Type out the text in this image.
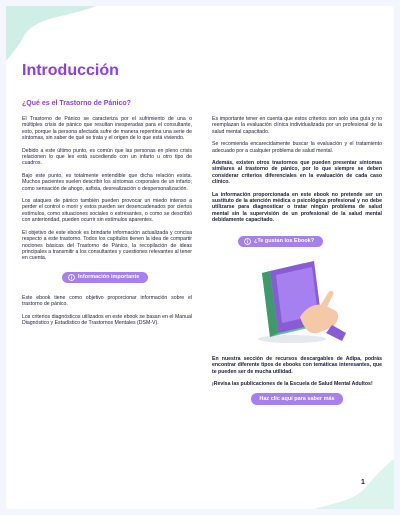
Introducción
¿Qué es el Trastorno de Pánico?

El Trastorno de Pánico se caracteriza por el sufrimiento de una o múltiples crisis de pánico que resultan inesperadas para el consultante, esto, porque la persona afectada sufre de manera repentina una serie de síntomas, sin saber de qué se trata y el origen de lo que está viviendo.

Debido a este último punto, es común que las personas en pleno crisis relacionen lo que les está sucediendo con un infarto u otro tipo de cuadros.

Bajo este punto, es totalmente entendible que dicha relación exista. Muchos pacientes suelen describir los síntomas corporales de un infarto; como sensación de ahogo, asfixia, desrealización o despersonalización.

Los ataques de pánico también pueden provocar un miedo intenso a perder el control o morir y estos pueden ser desencadenados por ciertos estímulos, como situaciones sociales o estresantes, o como se describió con anterioridad, pueden ocurrir sin estímulos aparentes.

El objetivo de este ebook es brindarte información actualizada y concisa respecto a este trastorno. Todos los capítulos tienen la idea de compartir nociones básicas del Trastorno de Pánico, la recopilación de ideas principales a transmitir a los consultantes y cuestiones relevantes al tener en cuenta.

Información importante

Este ebook tiene como objetivo proporcionar información sobre el trastorno de pánico.

Los criterios diagnósticos utilizados en este ebook se basan en el Manual Diagnóstico y Estadístico de Trastornos Mentales (DSM-V).

Es importante tener en cuenta que estos criterios son solo una guía y no reemplazan la evaluación clínica individualizada por un profesional de la salud mental capacitado.

Se recomienda encarecidamente buscar la evaluación y el tratamiento adecuado por a cualquier problema de salud mental.

Además, existen otros trastornos que pueden presentar síntomas similares al trastorno de pánico, por lo que siempre se deben considerar criterios diferenciales en la evaluación de cada caso clínico.

La información proporcionada en este ebook no pretende ser un sustituto de la atención médica o psicológica profesional y no debe utilizarse para diagnosticar o tratar ningún problema de salud mental sin la supervisión de un profesional de la salud mental debidamente capacitado.

¿Te gustan los Ebook?

En nuestra sección de recursos descargables de Adipa, podrás encontrar diferente tipos de ebooks con temáticas interesantes, que te pueden ser de mucha utilidad.

¡Revisa las publicaciones de la Escuela de Salud Mental Adultos!

Haz clic aquí para saber más
1
